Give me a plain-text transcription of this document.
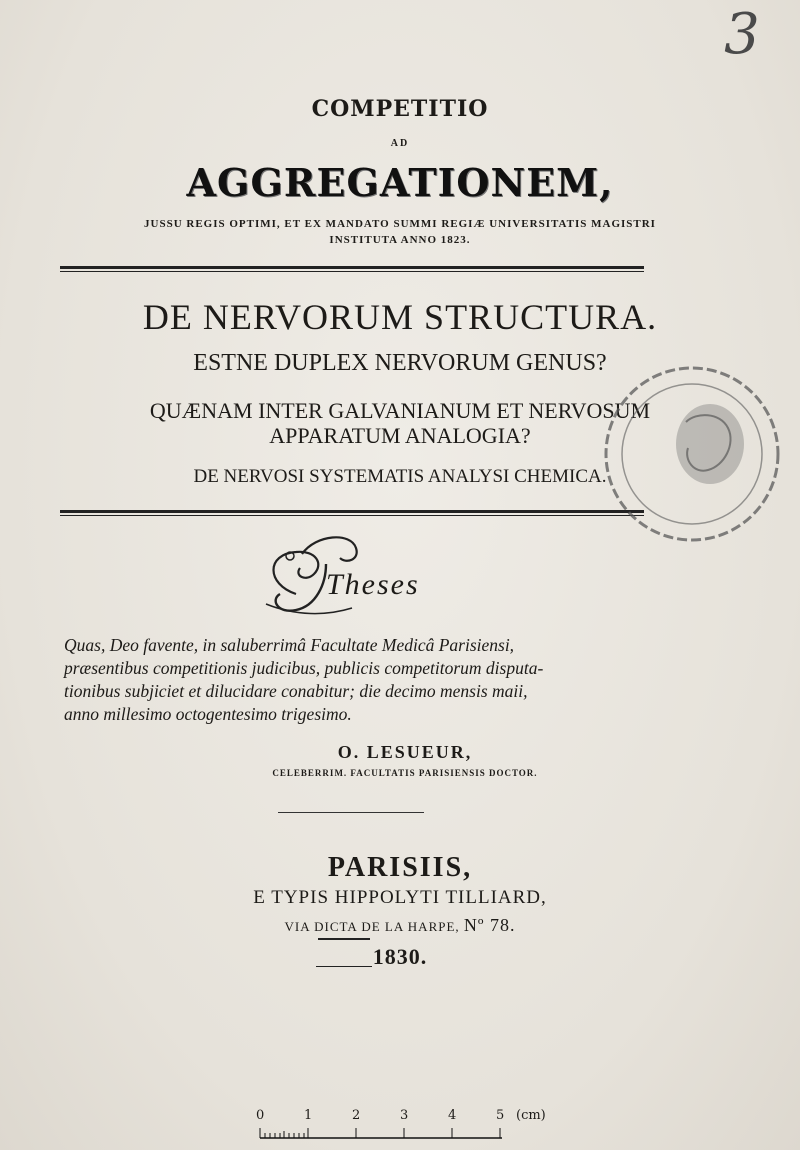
3
COMPETITIO
AD
AGGREGATIONEM,
JUSSU REGIS OPTIMI, ET EX MANDATO SUMMI REGIÆ UNIVERSITATIS MAGISTRI
INSTITUTA ANNO 1823.
DE NERVORUM STRUCTURA.
ESTNE DUPLEX NERVORUM GENUS?
QUÆNAM INTER GALVANIANUM ET NERVOSUM
APPARATUM ANALOGIA?
DE NERVOSI SYSTEMATIS ANALYSI CHEMICA.
Theses
Quas, Deo favente, in saluberrimâ Facultate Medicâ Parisiensi,
præsentibus competitionis judicibus, publicis competitorum disputa-
tionibus subjiciet et dilucidare conabitur; die decimo mensis maii,
anno millesimo octogentesimo trigesimo.
O. LESUEUR,
CELEBERRIM. FACULTATIS PARISIENSIS DOCTOR.
PARISIIS,
E TYPIS HIPPOLYTI TILLIARD,
VIA DICTA DE LA HARPE, Nº 78.
1830.
0	1	2	3	4	5 (cm)
